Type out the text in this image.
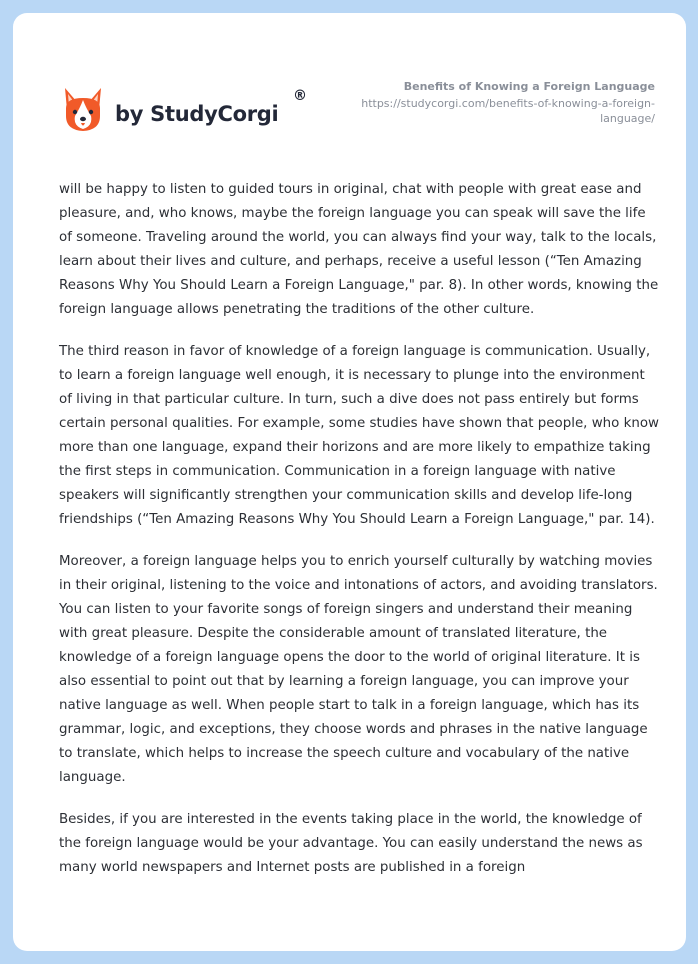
by StudyCorgi
®
Benefits of Knowing a Foreign Language
https://studycorgi.com/benefits-of-knowing-a-foreign-language/

will be happy to listen to guided tours in original, chat with people with great ease and pleasure, and, who knows, maybe the foreign language you can speak will save the life of someone. Traveling around the world, you can always find your way, talk to the locals, learn about their lives and culture, and perhaps, receive a useful lesson (“Ten Amazing Reasons Why You Should Learn a Foreign Language," par. 8). In other words, knowing the foreign language allows penetrating the traditions of the other culture.

The third reason in favor of knowledge of a foreign language is communication. Usually, to learn a foreign language well enough, it is necessary to plunge into the environment of living in that particular culture. In turn, such a dive does not pass entirely but forms certain personal qualities. For example, some studies have shown that people, who know more than one language, expand their horizons and are more likely to empathize taking the first steps in communication. Communication in a foreign language with native speakers will significantly strengthen your communication skills and develop life-long friendships (“Ten Amazing Reasons Why You Should Learn a Foreign Language," par. 14).

Moreover, a foreign language helps you to enrich yourself culturally by watching movies in their original, listening to the voice and intonations of actors, and avoiding translators. You can listen to your favorite songs of foreign singers and understand their meaning with great pleasure. Despite the considerable amount of translated literature, the knowledge of a foreign language opens the door to the world of original literature. It is also essential to point out that by learning a foreign language, you can improve your native language as well. When people start to talk in a foreign language, which has its grammar, logic, and exceptions, they choose words and phrases in the native language to translate, which helps to increase the speech culture and vocabulary of the native language.

Besides, if you are interested in the events taking place in the world, the knowledge of the foreign language would be your advantage. You can easily understand the news as many world newspapers and Internet posts are published in a foreign
